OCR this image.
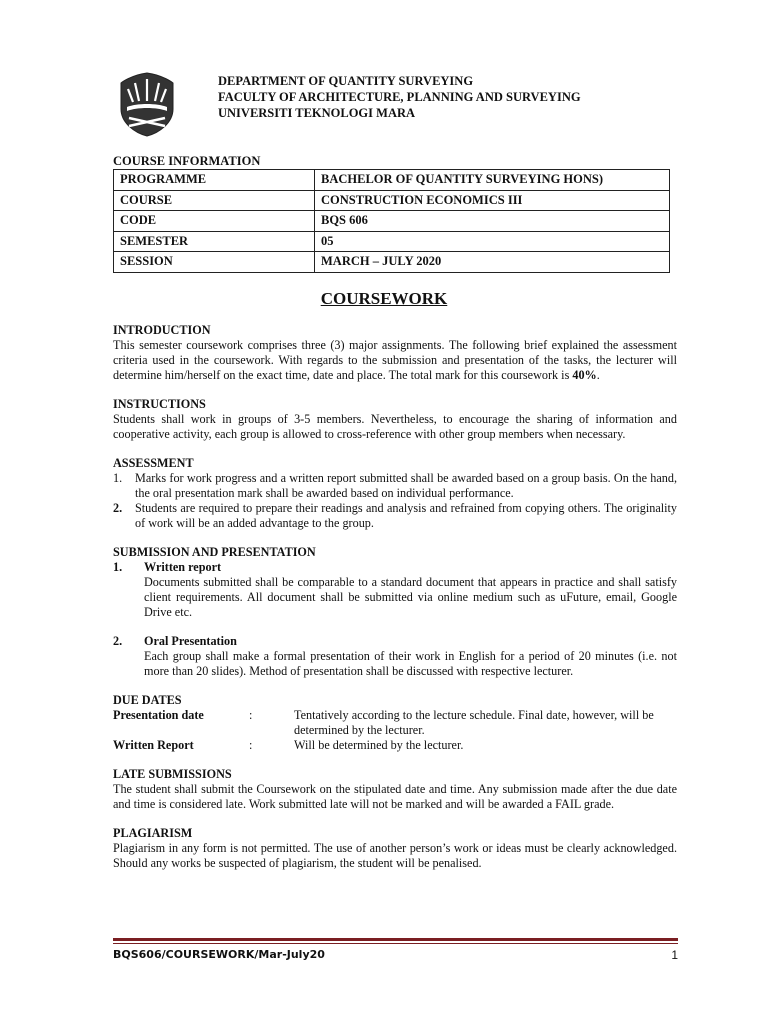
DEPARTMENT OF QUANTITY SURVEYING
FACULTY OF ARCHITECTURE, PLANNING AND SURVEYING
UNIVERSITI TEKNOLOGI MARA
COURSE INFORMATION
PROGRAMME	BACHELOR OF QUANTITY SURVEYING HONS)
COURSE	CONSTRUCTION ECONOMICS III
CODE	BQS 606
SEMESTER	05
SESSION	MARCH – JULY 2020
COURSEWORK

INTRODUCTION

This semester coursework comprises three (3) major assignments. The following brief explained the assessment criteria used in the coursework. With regards to the submission and presentation of the tasks, the lecturer will determine him/herself on the exact time, date and place. The total mark for this coursework is 40%.

INSTRUCTIONS

Students shall work in groups of 3-5 members. Nevertheless, to encourage the sharing of information and cooperative activity, each group is allowed to cross-reference with other group members when necessary.

ASSESSMENT

1.	Marks for work progress and a written report submitted shall be awarded based on a group basis. On the hand, the oral presentation mark shall be awarded based on individual performance.
2.	Students are required to prepare their readings and analysis and refrained from copying others. The originality of work will be an added advantage to the group.

SUBMISSION AND PRESENTATION

1.	Written report
Documents submitted shall be comparable to a standard document that appears in practice and shall satisfy client requirements. All document shall be submitted via online medium such as uFuture, email, Google Drive etc.
2.	Oral Presentation
Each group shall make a formal presentation of their work in English for a period of 20 minutes (i.e. not more than 20 slides). Method of presentation shall be discussed with respective lecturer.

DUE DATES

Presentation date	:	Tentatively according to the lecture schedule. Final date, however, will be
determined by the lecturer.
Written Report	:	Will be determined by the lecturer.

LATE SUBMISSIONS

The student shall submit the Coursework on the stipulated date and time. Any submission made after the due date and time is considered late. Work submitted late will not be marked and will be awarded a FAIL grade.

PLAGIARISM

Plagiarism in any form is not permitted. The use of another person’s work or ideas must be clearly acknowledged. Should any works be suspected of plagiarism, the student will be penalised.

BQS606/COURSEWORK/Mar-July20	1
